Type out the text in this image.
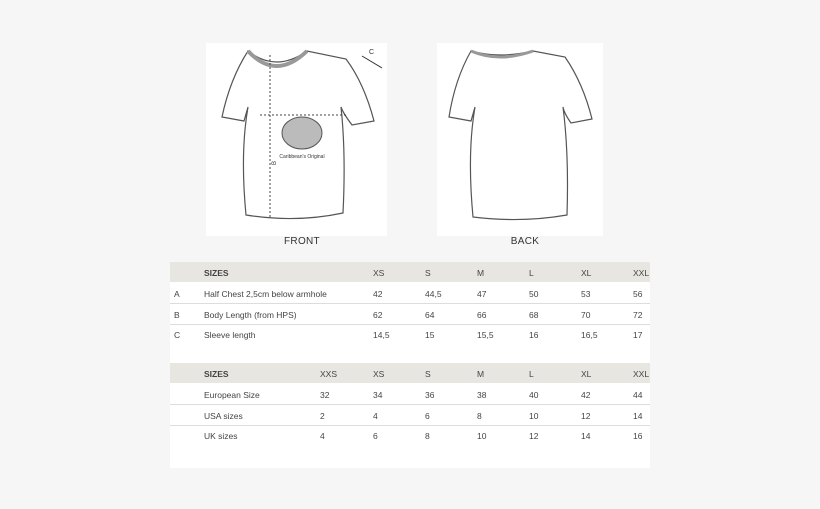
C
B
Caribbean's Original
FRONT	BACK
SIZES	XS	S	M	L	XL	XXL
A	Half Chest 2,5cm below armhole	42	44,5	47	50	53	56
B	Body Length (from HPS)	62	64	66	68	70	72
C	Sleeve length	14,5	15	15,5	16	16,5	17
SIZES	XXS	XS	S	M	L	XL	XXL
European Size	32	34	36	38	40	42	44
USA sizes	2	4	6	8	10	12	14
UK sizes	4	6	8	10	12	14	16
